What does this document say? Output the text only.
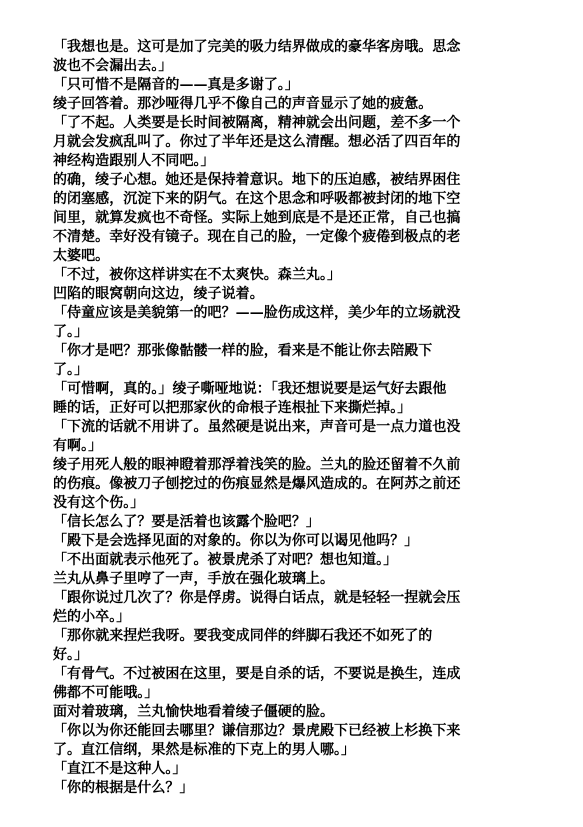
「我想也是。这可是加了完美的吸力结界做成的豪华客房哦。思念
波也不会漏出去。」
「只可惜不是隔音的——真是多谢了。」
绫子回答着。那沙哑得几乎不像自己的声音显示了她的疲惫。
「了不起。人类要是长时间被隔离，精神就会出问题，差不多一个
月就会发疯乱叫了。你过了半年还是这么清醒。想必活了四百年的
神经构造跟别人不同吧。」
的确，绫子心想。她还是保持着意识。地下的压迫感，被结界困住
的闭塞感，沉淀下来的阴气。在这个思念和呼吸都被封闭的地下空
间里，就算发疯也不奇怪。实际上她到底是不是还正常，自己也搞
不清楚。幸好没有镜子。现在自己的脸，一定像个疲倦到极点的老
太婆吧。
「不过，被你这样讲实在不太爽快。森兰丸。」
凹陷的眼窝朝向这边，绫子说着。
「侍童应该是美貌第一的吧？——脸伤成这样，美少年的立场就没
了。」
「你才是吧？那张像骷髅一样的脸，看来是不能让你去陪殿下
了。」
「可惜啊，真的。」绫子嘶哑地说：「我还想说要是运气好去跟他
睡的话，正好可以把那家伙的命根子连根扯下来撕烂掉。」
「下流的话就不用讲了。虽然硬是说出来，声音可是一点力道也没
有啊。」
绫子用死人般的眼神瞪着那浮着浅笑的脸。兰丸的脸还留着不久前
的伤痕。像被刀子刨挖过的伤痕显然是爆风造成的。在阿苏之前还
没有这个伤。」
「信长怎么了？要是活着也该露个脸吧？」
「殿下是会选择见面的对象的。你以为你可以谒见他吗？」
「不出面就表示他死了。被景虎杀了对吧？想也知道。」
兰丸从鼻子里哼了一声，手放在强化玻璃上。
「跟你说过几次了？你是俘虏。说得白话点，就是轻轻一捏就会压
烂的小卒。」
「那你就来捏烂我呀。要我变成同伴的绊脚石我还不如死了的
好。」
「有骨气。不过被困在这里，要是自杀的话，不要说是换生，连成
佛都不可能哦。」
面对着玻璃，兰丸愉快地看着绫子僵硬的脸。
「你以为你还能回去哪里？谦信那边？景虎殿下已经被上杉换下来
了。直江信纲，果然是标准的下克上的男人哪。」
「直江不是这种人。」
「你的根据是什么？」
